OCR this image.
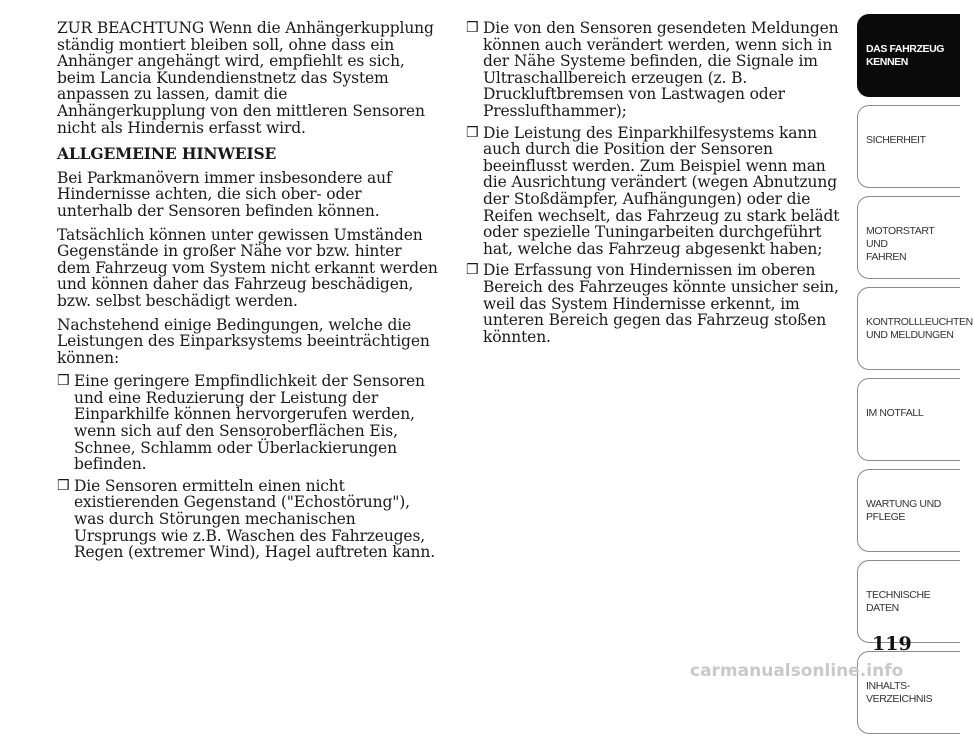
ZUR BEACHTUNG Wenn die Anhängerkupplung ständig montiert bleiben soll, ohne dass ein Anhänger angehängt wird, empfiehlt es sich, beim Lancia Kundendienstnetz das System anpassen zu lassen, damit die Anhängerkupplung von den mittleren Sensoren nicht als Hindernis erfasst wird.

ALLGEMEINE HINWEISE

Bei Parkmanövern immer insbesondere auf Hindernisse achten, die sich ober- oder unterhalb der Sensoren befinden können.

Tatsächlich können unter gewissen Umständen Gegenstände in großer Nähe vor bzw. hinter dem Fahrzeug vom System nicht erkannt werden und können daher das Fahrzeug beschädigen, bzw. selbst beschädigt werden.

Nachstehend einige Bedingungen, welche die Leistungen des Einparksystems beeinträchtigen können:

❒ Eine geringere Empfindlichkeit der Sensoren und eine Reduzierung der Leistung der Einparkhilfe können hervorgerufen werden, wenn sich auf den Sensoroberflächen Eis, Schnee, Schlamm oder Überlackierungen befinden.
❒ Die Sensoren ermitteln einen nicht existierenden Gegenstand ("Echostörung"), was durch Störungen mechanischen Ursprungs wie z.B. Waschen des Fahrzeuges, Regen (extremer Wind), Hagel auftreten kann.
❒ Die von den Sensoren gesendeten Meldungen können auch verändert werden, wenn sich in der Nähe Systeme befinden, die Signale im Ultraschallbereich erzeugen (z. B. Druckluftbremsen von Lastwagen oder Presslufthammer);
❒ Die Leistung des Einparkhilfesystems kann auch durch die Position der Sensoren beeinflusst werden. Zum Beispiel wenn man die Ausrichtung verändert (wegen Abnutzung der Stoßdämpfer, Aufhängungen) oder die Reifen wechselt, das Fahrzeug zu stark belädt oder spezielle Tuningarbeiten durchgeführt hat, welche das Fahrzeug abgesenkt haben;
❒ Die Erfassung von Hindernissen im oberen Bereich des Fahrzeuges könnte unsicher sein, weil das System Hindernisse erkennt, im unteren Bereich gegen das Fahrzeug stoßen könnten.
DAS FAHRZEUG
KENNEN
SICHERHEIT
MOTORSTART UND
FAHREN
KONTROLLLEUCHTEN
UND MELDUNGEN
IM NOTFALL
WARTUNG UND
PFLEGE
TECHNISCHE
DATEN
INHALTS-
VERZEICHNIS
119
carmanualsonline.info
